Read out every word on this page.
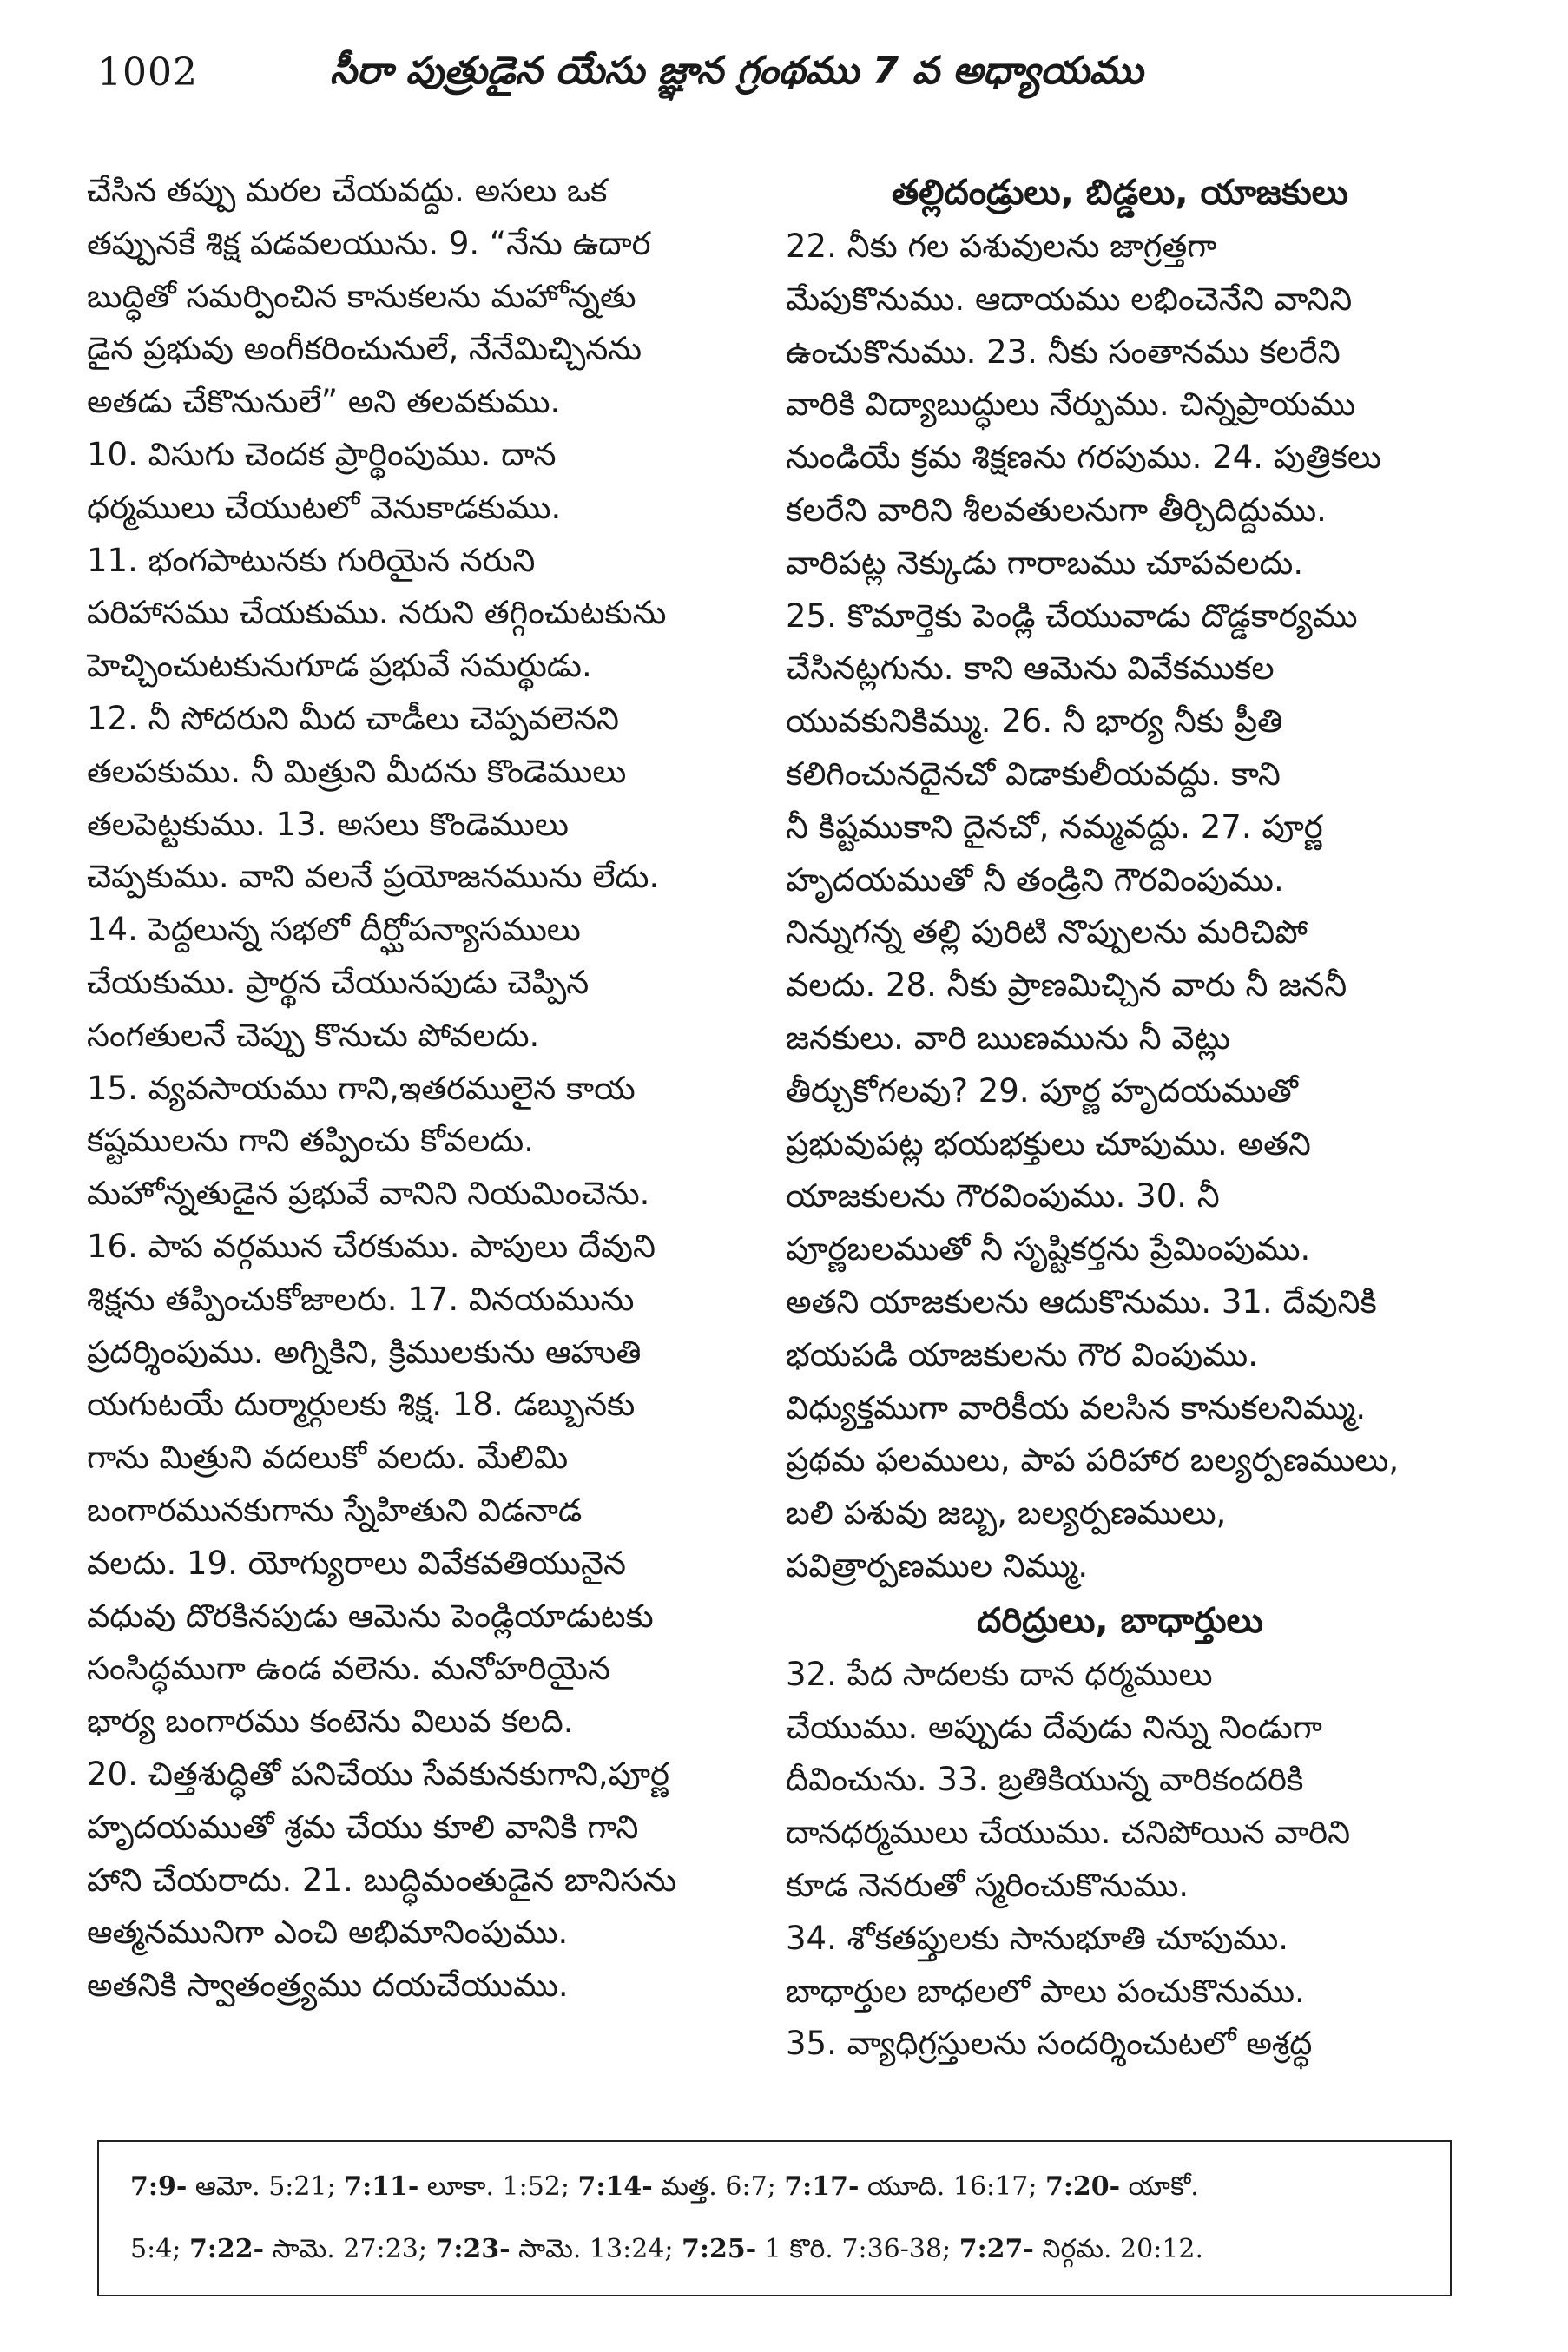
1002	సీరా పుత్రుడైన యేసు జ్ఞాన గ్రంథము 7 వ అధ్యాయము
చేసిన తప్పు మరల చేయవద్దు. అసలు ఒక
తప్పునకే శిక్ష పడవలయును. 9. “నేను ఉదార
బుద్ధితో సమర్పించిన కానుకలను మహోన్నతు
డైన ప్రభువు అంగీకరించునులే, నేనేమిచ్చినను
అతడు చేకొనునులే” అని తలవకుము.
10. విసుగు చెందక ప్రార్థింపుము. దాన
ధర్మములు చేయుటలో వెనుకాడకుము.
11. భంగపాటునకు గురియైన నరుని
పరిహాసము చేయకుము. నరుని తగ్గించుటకును
హెచ్చించుటకునుగూడ ప్రభువే సమర్థుడు.
12. నీ సోదరుని మీద చాడీలు చెప్పవలెనని
తలపకుము. నీ మిత్రుని మీదను కొండెములు
తలపెట్టకుము. 13. అసలు కొండెములు
చెప్పకుము. వాని వలనే ప్రయోజనమును లేదు.
14. పెద్దలున్న సభలో దీర్ఘోపన్యాసములు
చేయకుము. ప్రార్థన చేయునపుడు చెప్పిన
సంగతులనే చెప్పు కొనుచు పోవలదు.
15. వ్యవసాయము గాని,ఇతరములైన కాయ
కష్టములను గాని తప్పించు కోవలదు.
మహోన్నతుడైన ప్రభువే వానిని నియమించెను.
16. పాప వర్గమున చేరకుము. పాపులు దేవుని
శిక్షను తప్పించుకోజాలరు. 17. వినయమును
ప్రదర్శింపుము. అగ్నికిని, క్రిములకును ఆహుతి
యగుటయే దుర్మార్గులకు శిక్ష. 18. డబ్బునకు
గాను మిత్రుని వదలుకో వలదు. మేలిమి
బంగారమునకుగాను స్నేహితుని విడనాడ
వలదు. 19. యోగ్యురాలు వివేకవతియునైన
వధువు దొరకినపుడు ఆమెను పెండ్లియాడుటకు
సంసిద్ధముగా ఉండ వలెను. మనోహరియైన
భార్య బంగారము కంటెను విలువ కలది.
20. చిత్తశుద్ధితో పనిచేయు సేవకునకుగాని,పూర్ణ
హృదయముతో శ్రమ చేయు కూలి వానికి గాని
హాని చేయరాదు. 21. బుద్ధిమంతుడైన బానిసను
ఆత్మనమునిగా ఎంచి అభిమానింపుము.
అతనికి స్వాతంత్ర్యము దయచేయుము.
తల్లిదండ్రులు, బిడ్డలు, యాజకులు
22. నీకు గల పశువులను జాగ్రత్తగా
మేపుకొనుము. ఆదాయము లభించెనేని వానిని
ఉంచుకొనుము. 23. నీకు సంతానము కలరేని
వారికి విద్యాబుద్ధులు నేర్పుము. చిన్నప్రాయము
నుండియే క్రమ శిక్షణను గరపుము. 24. పుత్రికలు
కలరేని వారిని శీలవతులనుగా తీర్చిదిద్దుము.
వారిపట్ల నెక్కుడు గారాబము చూపవలదు.
25. కొమార్తెకు పెండ్లి చేయువాడు దొడ్డకార్యము
చేసినట్లగును. కాని ఆమెను వివేకముకల
యువకునికిమ్ము. 26. నీ భార్య నీకు ప్రీతి
కలిగించునదైనచో విడాకులీయవద్దు. కాని
నీ కిష్టముకాని దైనచో, నమ్మవద్దు. 27. పూర్ణ
హృదయముతో నీ తండ్రిని గౌరవింపుము.
నిన్నుగన్న తల్లి పురిటి నొప్పులను మరిచిపో
వలదు. 28. నీకు ప్రాణమిచ్చిన వారు నీ జననీ
జనకులు. వారి ఋణమును నీ వెట్లు
తీర్చుకోగలవు? 29. పూర్ణ హృదయముతో
ప్రభువుపట్ల భయభక్తులు చూపుము. అతని
యాజకులను గౌరవింపుము. 30. నీ
పూర్ణబలముతో నీ సృష్టికర్తను ప్రేమింపుము.
అతని యాజకులను ఆదుకొనుము. 31. దేవునికి
భయపడి యాజకులను గౌర వింపుము.
విధ్యుక్తముగా వారికీయ వలసిన కానుకలనిమ్ము.
ప్రథమ ఫలములు, పాప పరిహార బల్యర్పణములు,
బలి పశువు జబ్బ, బల్యర్పణములు,
పవిత్రార్పణముల నిమ్ము.
దరిద్రులు, బాధార్తులు
32. పేద సాదలకు దాన ధర్మములు
చేయుము. అప్పుడు దేవుడు నిన్ను నిండుగా
దీవించును. 33. బ్రతికియున్న వారికందరికి
దానధర్మములు చేయుము. చనిపోయిన వారిని
కూడ నెనరుతో స్మరించుకొనుము.
34. శోకతప్తులకు సానుభూతి చూపుము.
బాధార్తుల బాధలలో పాలు పంచుకొనుము.
35. వ్యాధిగ్రస్తులను సందర్శించుటలో అశ్రద్ధ
7:9- ఆమో. 5:21; 7:11- లూకా. 1:52; 7:14- మత్త. 6:7; 7:17- యూది. 16:17; 7:20- యాకో.
5:4; 7:22- సామె. 27:23; 7:23- సామె. 13:24; 7:25- 1 కొరి. 7:36-38; 7:27- నిర్గమ. 20:12.
